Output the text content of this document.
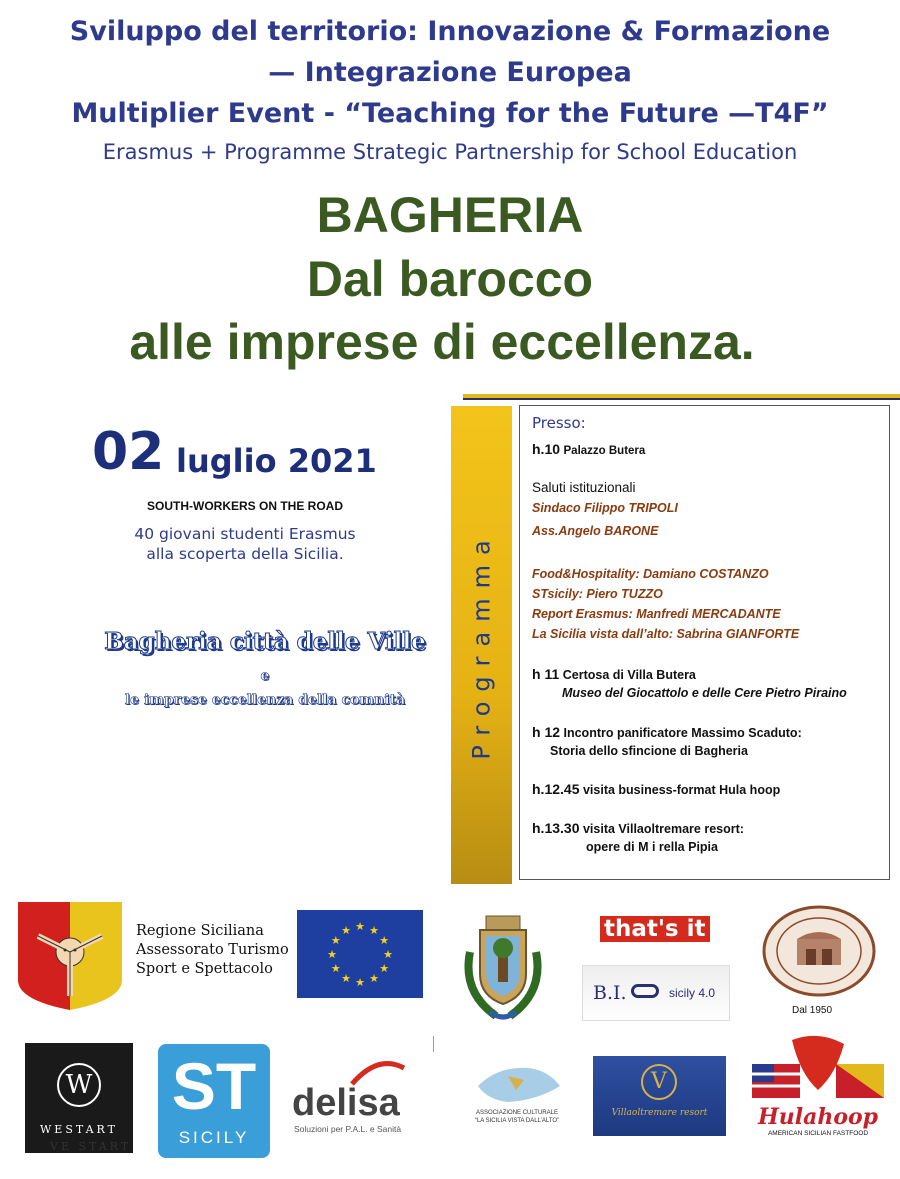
Sviluppo del territorio: Innovazione & Formazione
— Integrazione Europea
Multiplier Event - “Teaching for the Future —T4F”
Erasmus + Programme Strategic Partnership for School Education
BAGHERIA
Dal barocco
alle imprese di eccellenza.
02 luglio 2021
SOUTH-WORKERS ON THE ROAD
40 giovani studenti Erasmus
alla scoperta della Sicilia.
Bagheria città delle Ville
e
le imprese eccellenza della comnità	Programma
Presso:
h.10 Palazzo Butera
Saluti istituzionali
Sindaco Filippo TRIPOLI
Ass.Angelo BARONE
Food&Hospitality: Damiano COSTANZO
STsicily: Piero TUZZO
Report Erasmus: Manfredi MERCADANTE
La Sicilia vista dall’alto: Sabrina GIANFORTE
h 11 Certosa di Villa Butera
Museo del Giocattolo e delle Cere Pietro Piraino
h 12 Incontro panificatore Massimo Scaduto:
Storia dello sfincione di Bagheria
h.12.45 visita business-format Hula hoop
h.13.30 visita Villaoltremare resort:
opere di M i rella Pipia
Regione Siciliana
Assessorato Turismo
Sport e Spettacolo
★ ★
★
★
★
★
★
★
★
★
★
★	that's it
B.I.	sicily 4.0
Dal 1950
W
WESTART
VE START
ST
SICILY
delisa
Soluzioni per P.A.L. e Sanità
ASSOCIAZIONE CULTURALE
“LA SICILIA VISTA DALL’ALTO”
V
Villaoltremare resort	Hulahoop
AMERICAN SICILIAN FASTFOOD
